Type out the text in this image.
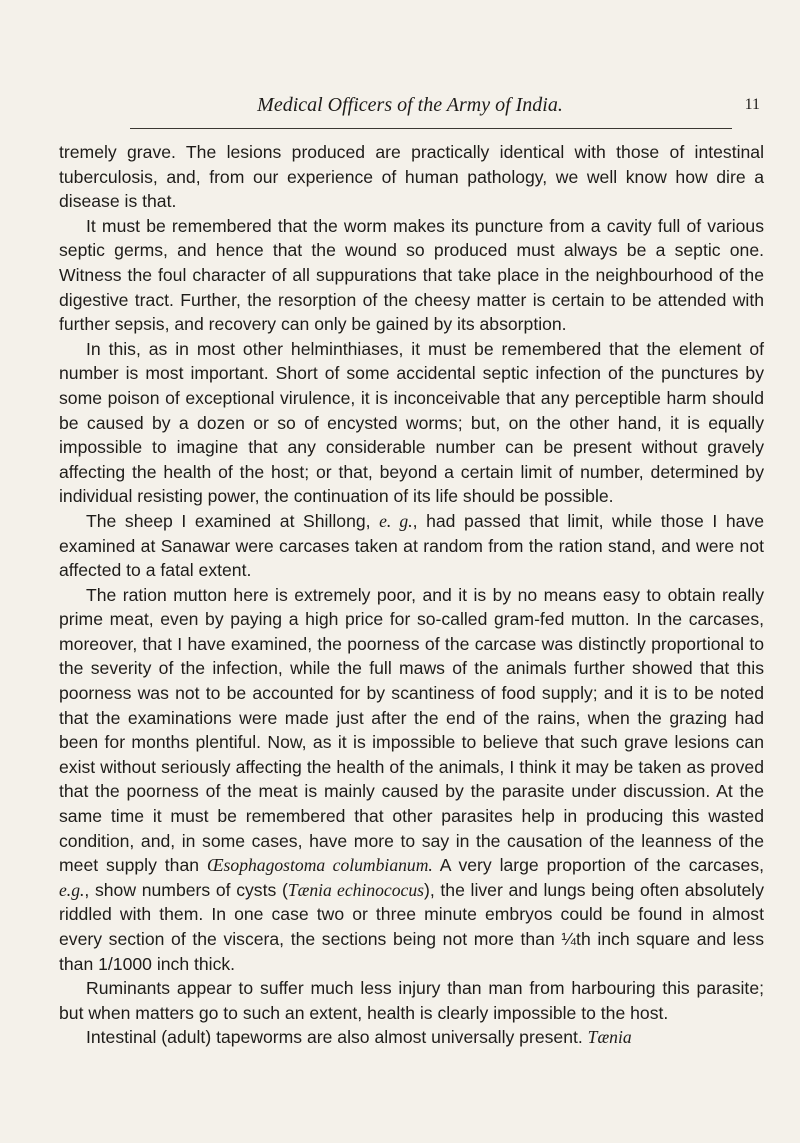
Medical Officers of the Army of India.	11

tremely grave. The lesions produced are practically identical with those of intestinal tuberculosis, and, from our experience of human pathology, we well know how dire a disease is that.

It must be remembered that the worm makes its puncture from a cavity full of various septic germs, and hence that the wound so produced must always be a septic one. Witness the foul character of all suppurations that take place in the neighbourhood of the digestive tract. Further, the resorption of the cheesy matter is certain to be attended with further sepsis, and recovery can only be gained by its absorption.

In this, as in most other helminthiases, it must be remembered that the element of number is most important. Short of some accidental septic infection of the punctures by some poison of exceptional virulence, it is inconceivable that any perceptible harm should be caused by a dozen or so of encysted worms; but, on the other hand, it is equally impossible to imagine that any considerable number can be present without gravely affecting the health of the host; or that, beyond a certain limit of number, determined by individual resisting power, the continuation of its life should be possible.

The sheep I examined at Shillong, e. g., had passed that limit, while those I have examined at Sanawar were carcases taken at random from the ration stand, and were not affected to a fatal extent.

The ration mutton here is extremely poor, and it is by no means easy to obtain really prime meat, even by paying a high price for so-called gram-fed mutton. In the carcases, moreover, that I have examined, the poorness of the carcase was distinctly proportional to the severity of the infection, while the full maws of the animals further showed that this poorness was not to be accounted for by scantiness of food supply; and it is to be noted that the examinations were made just after the end of the rains, when the grazing had been for months plentiful. Now, as it is impossible to believe that such grave lesions can exist without seriously affecting the health of the animals, I think it may be taken as proved that the poorness of the meat is mainly caused by the parasite under discussion. At the same time it must be remembered that other parasites help in producing this wasted condition, and, in some cases, have more to say in the causation of the leanness of the meet supply than Œsophagostoma columbianum. A very large proportion of the carcases, e.g., show numbers of cysts (Tænia echinococus), the liver and lungs being often absolutely riddled with them. In one case two or three minute embryos could be found in almost every section of the viscera, the sections being not more than ¼th inch square and less than 1/1000 inch thick.

Ruminants appear to suffer much less injury than man from harbouring this parasite; but when matters go to such an extent, health is clearly impossible to the host.

Intestinal (adult) tapeworms are also almost universally present. Tænia
